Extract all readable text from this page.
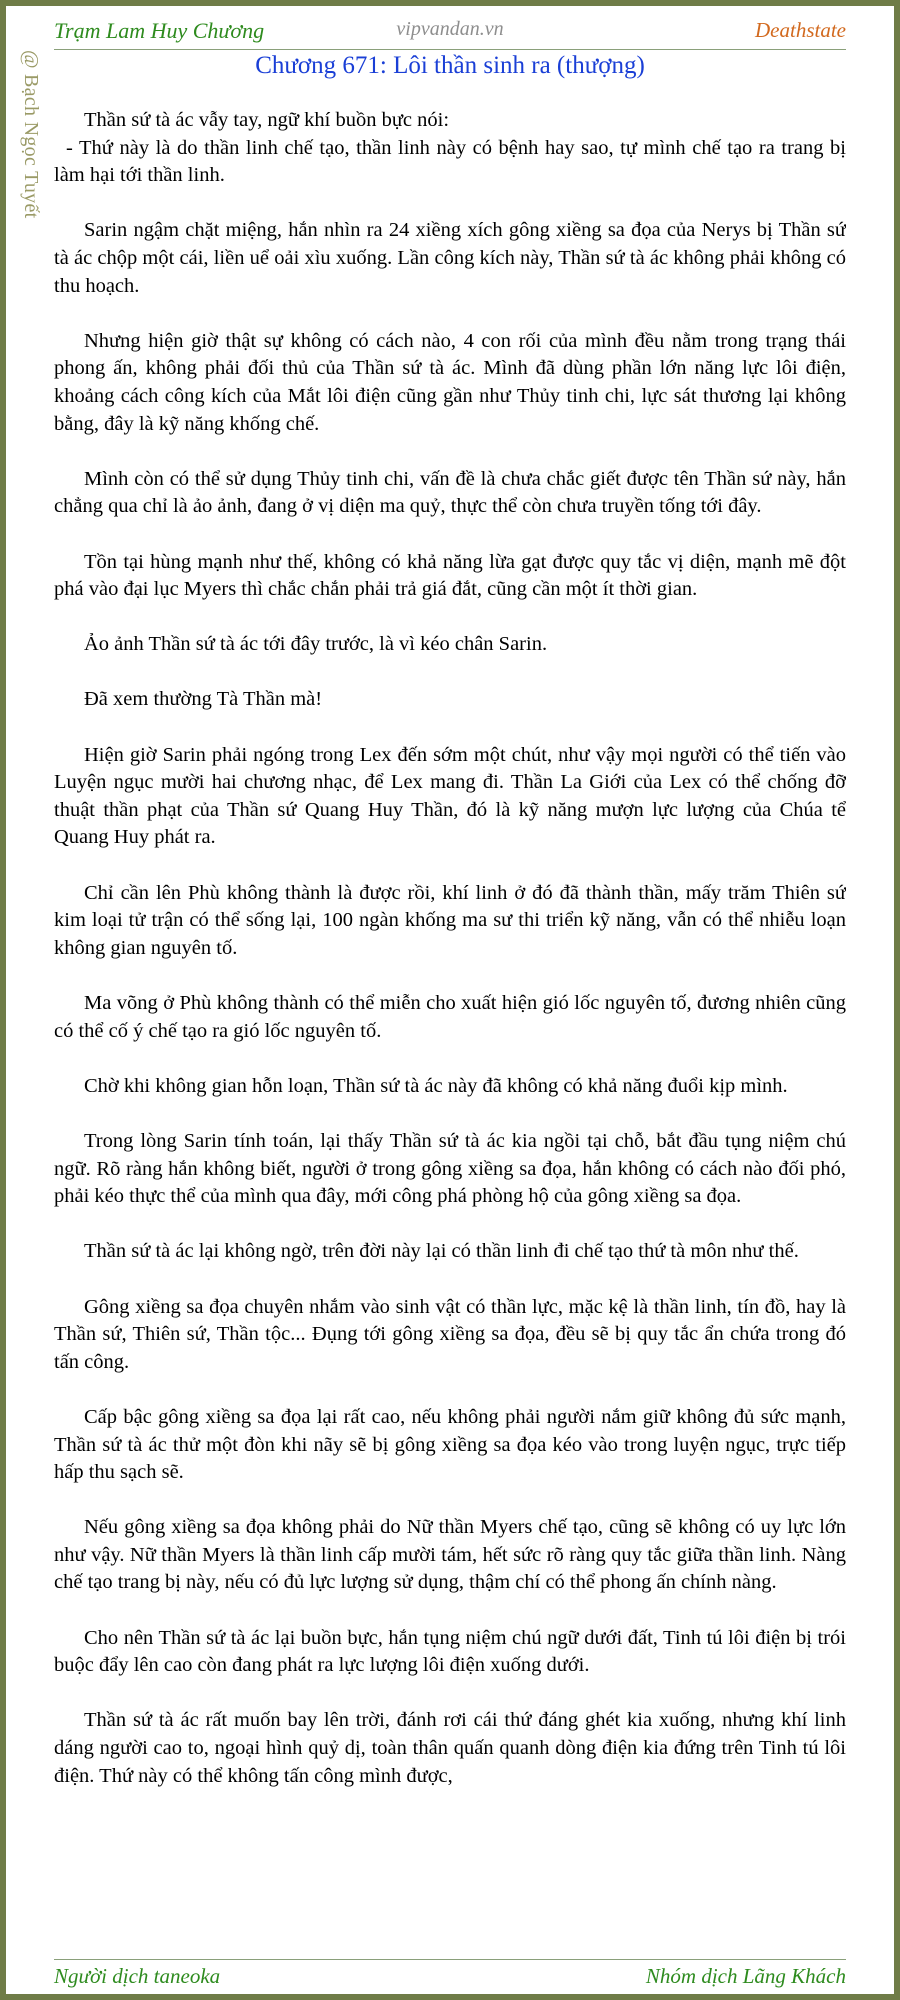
Trạm Lam Huy Chương	vipvandan.vn	Deathstate
@ Bạch Ngọc Tuyết	Chương 671: Lôi thần sinh ra (thượng)

Thần sứ tà ác vẫy tay, ngữ khí buồn bực nói:

- Thứ này là do thần linh chế tạo, thần linh này có bệnh hay sao, tự mình chế tạo ra trang bị làm hại tới thần linh.

Sarin ngậm chặt miệng, hắn nhìn ra 24 xiềng xích gông xiềng sa đọa của Nerys bị Thần sứ tà ác chộp một cái, liền uể oải xìu xuống. Lần công kích này, Thần sứ tà ác không phải không có thu hoạch.

Nhưng hiện giờ thật sự không có cách nào, 4 con rối của mình đều nằm trong trạng thái phong ấn, không phải đối thủ của Thần sứ tà ác. Mình đã dùng phần lớn năng lực lôi điện, khoảng cách công kích của Mắt lôi điện cũng gần như Thủy tinh chi, lực sát thương lại không bằng, đây là kỹ năng khống chế.

Mình còn có thể sử dụng Thủy tinh chi, vấn đề là chưa chắc giết được tên Thần sứ này, hắn chẳng qua chỉ là ảo ảnh, đang ở vị diện ma quỷ, thực thể còn chưa truyền tống tới đây.

Tồn tại hùng mạnh như thế, không có khả năng lừa gạt được quy tắc vị diện, mạnh mẽ đột phá vào đại lục Myers thì chắc chắn phải trả giá đắt, cũng cần một ít thời gian.

Ảo ảnh Thần sứ tà ác tới đây trước, là vì kéo chân Sarin.

Đã xem thường Tà Thần mà!

Hiện giờ Sarin phải ngóng trong Lex đến sớm một chút, như vậy mọi người có thể tiến vào Luyện ngục mười hai chương nhạc, để Lex mang đi. Thần La Giới của Lex có thể chống đỡ thuật thần phạt của Thần sứ Quang Huy Thần, đó là kỹ năng mượn lực lượng của Chúa tể Quang Huy phát ra.

Chỉ cần lên Phù không thành là được rồi, khí linh ở đó đã thành thần, mấy trăm Thiên sứ kim loại tử trận có thể sống lại, 100 ngàn khống ma sư thi triển kỹ năng, vẫn có thể nhiễu loạn không gian nguyên tố.

Ma võng ở Phù không thành có thể miễn cho xuất hiện gió lốc nguyên tố, đương nhiên cũng có thể cố ý chế tạo ra gió lốc nguyên tố.

Chờ khi không gian hỗn loạn, Thần sứ tà ác này đã không có khả năng đuổi kịp mình.

Trong lòng Sarin tính toán, lại thấy Thần sứ tà ác kia ngồi tại chỗ, bắt đầu tụng niệm chú ngữ. Rõ ràng hắn không biết, người ở trong gông xiềng sa đọa, hắn không có cách nào đối phó, phải kéo thực thể của mình qua đây, mới công phá phòng hộ của gông xiềng sa đọa.

Thần sứ tà ác lại không ngờ, trên đời này lại có thần linh đi chế tạo thứ tà môn như thế.

Gông xiềng sa đọa chuyên nhắm vào sinh vật có thần lực, mặc kệ là thần linh, tín đồ, hay là Thần sứ, Thiên sứ, Thần tộc... Đụng tới gông xiềng sa đọa, đều sẽ bị quy tắc ẩn chứa trong đó tấn công.

Cấp bậc gông xiềng sa đọa lại rất cao, nếu không phải người nắm giữ không đủ sức mạnh, Thần sứ tà ác thử một đòn khi nãy sẽ bị gông xiềng sa đọa kéo vào trong luyện ngục, trực tiếp hấp thu sạch sẽ.

Nếu gông xiềng sa đọa không phải do Nữ thần Myers chế tạo, cũng sẽ không có uy lực lớn như vậy. Nữ thần Myers là thần linh cấp mười tám, hết sức rõ ràng quy tắc giữa thần linh. Nàng chế tạo trang bị này, nếu có đủ lực lượng sử dụng, thậm chí có thể phong ấn chính nàng.

Cho nên Thần sứ tà ác lại buồn bực, hắn tụng niệm chú ngữ dưới đất, Tinh tú lôi điện bị trói buộc đẩy lên cao còn đang phát ra lực lượng lôi điện xuống dưới.

Thần sứ tà ác rất muốn bay lên trời, đánh rơi cái thứ đáng ghét kia xuống, nhưng khí linh dáng người cao to, ngoại hình quỷ dị, toàn thân quấn quanh dòng điện kia đứng trên Tinh tú lôi điện. Thứ này có thể không tấn công mình được,

Người dịch taneoka	Nhóm dịch Lãng Khách
